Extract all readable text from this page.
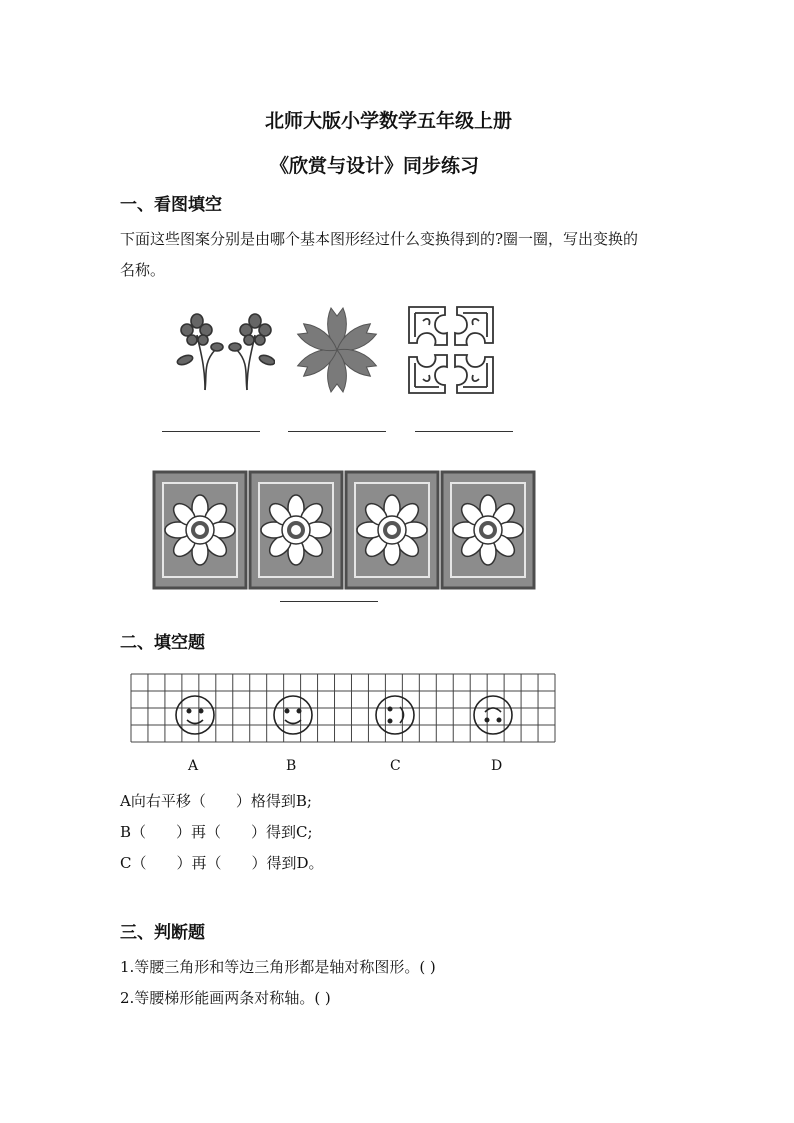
北师大版小学数学五年级上册
《欣赏与设计》同步练习
一、看图填空
下面这些图案分别是由哪个基本图形经过什么变换得到的?圈一圈，写出变换的
名称。
二、填空题
A	B	C	D
A向右平移（　　）格得到B;
B（　　）再（　　）得到C;
C（　　）再（　　）得到D。
三、判断题
1.等腰三角形和等边三角形都是轴对称图形。( )
2.等腰梯形能画两条对称轴。( )
